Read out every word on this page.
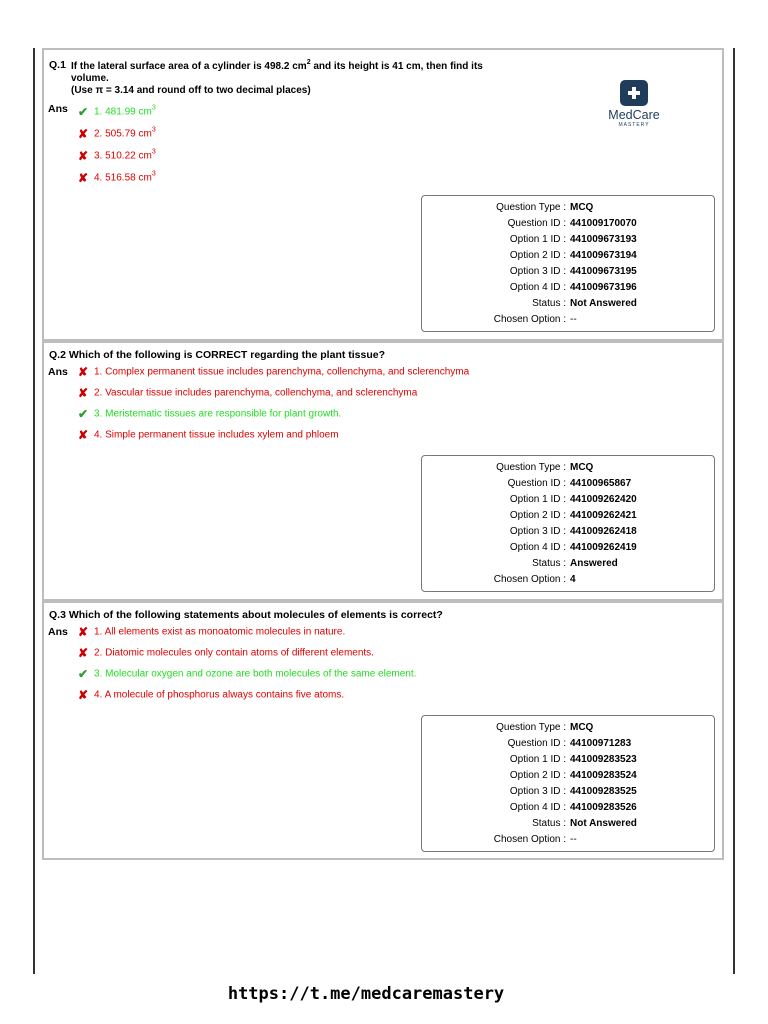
Q.1 If the lateral surface area of a cylinder is 498.2 $cm^2$ and its height is 41 cm, then find its
volume.
(Use π = 3.14 and round off to two decimal places)
Ans ✔ 1. 481.99 $cm^3$
✘ 2. 505.79 $cm^3$
✘ 3. 510.22 $cm^3$
✘ 4. 516.58 $cm^3$
MedCare
MASTERY
Question Type : MCQ
Question ID : 441009170070
Option 1 ID : 441009673193
Option 2 ID : 441009673194
Option 3 ID : 441009673195
Option 4 ID : 441009673196
Status : Not Answered
Chosen Option : --
Q.2 Which of the following is CORRECT regarding the plant tissue?
Ans ✘ 1. Complex permanent tissue includes parenchyma, collenchyma, and sclerenchyma
✘ 2. Vascular tissue includes parenchyma, collenchyma, and sclerenchyma
✔ 3. Meristematic tissues are responsible for plant growth.
✘ 4. Simple permanent tissue includes xylem and phloem
Question Type : MCQ
Question ID : 44100965867
Option 1 ID : 441009262420
Option 2 ID : 441009262421
Option 3 ID : 441009262418
Option 4 ID : 441009262419
Status : Answered
Chosen Option : 4
Q.3 Which of the following statements about molecules of elements is correct?
Ans ✘ 1. All elements exist as monoatomic molecules in nature.
✘ 2. Diatomic molecules only contain atoms of different elements.
✔ 3. Molecular oxygen and ozone are both molecules of the same element.
✘ 4. A molecule of phosphorus always contains five atoms.
Question Type : MCQ
Question ID : 44100971283
Option 1 ID : 441009283523
Option 2 ID : 441009283524
Option 3 ID : 441009283525
Option 4 ID : 441009283526
Status : Not Answered
Chosen Option : --
https://t.me/medcaremastery
